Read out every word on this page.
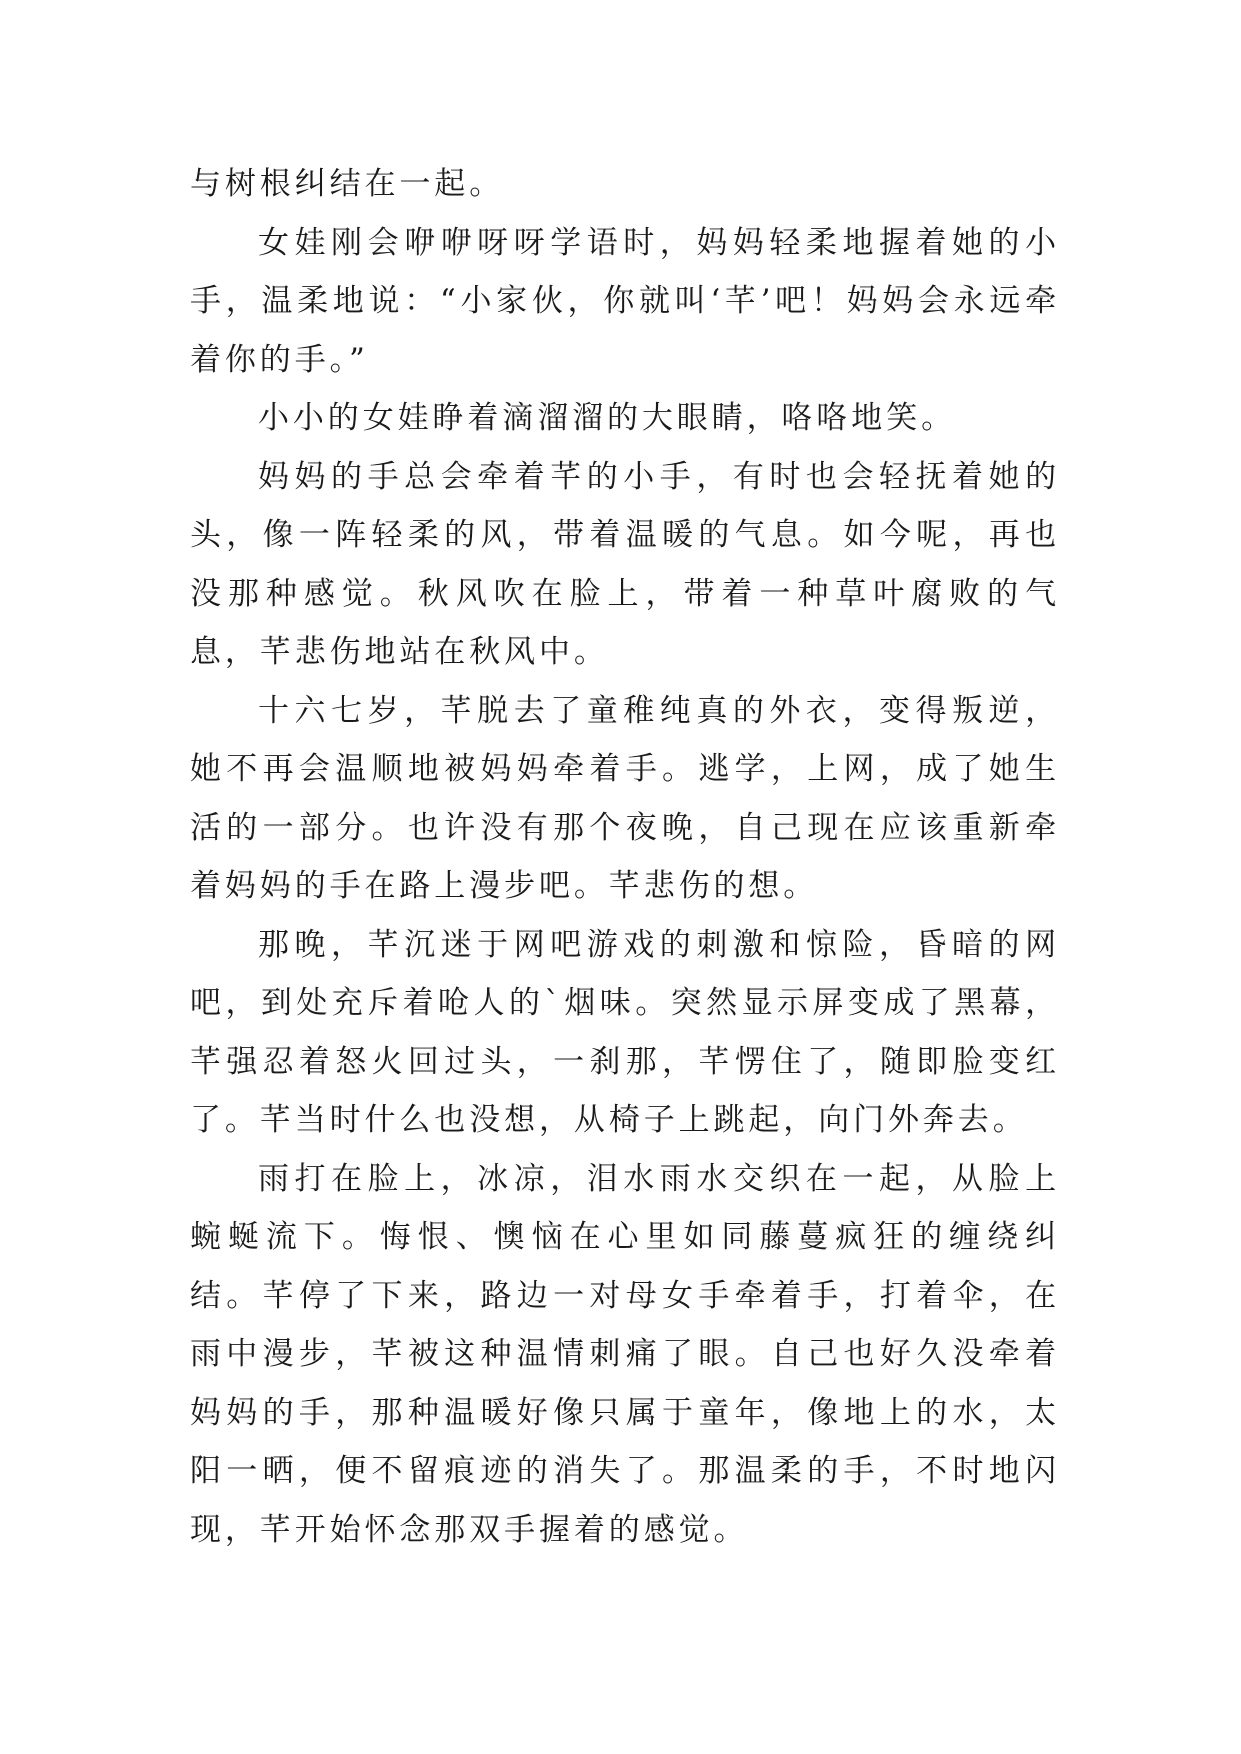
与树根纠结在一起。

女娃刚会咿咿呀呀学语时，妈妈轻柔地握着她的小手，温柔地说：“小家伙，你就叫‘芊’吧！妈妈会永远牵着你的手。”

小小的女娃睁着滴溜溜的大眼睛，咯咯地笑。

妈妈的手总会牵着芊的小手，有时也会轻抚着她的头，像一阵轻柔的风，带着温暖的气息。如今呢，再也没那种感觉。秋风吹在脸上，带着一种草叶腐败的气息，芊悲伤地站在秋风中。

十六七岁，芊脱去了童稚纯真的外衣，变得叛逆，她不再会温顺地被妈妈牵着手。逃学，上网，成了她生活的一部分。也许没有那个夜晚，自己现在应该重新牵着妈妈的手在路上漫步吧。芊悲伤的想。

那晚，芊沉迷于网吧游戏的刺激和惊险，昏暗的网吧，到处充斥着呛人的`烟味。突然显示屏变成了黑幕，芊强忍着怒火回过头，一刹那，芊愣住了，随即脸变红了。芊当时什么也没想，从椅子上跳起，向门外奔去。

雨打在脸上，冰凉，泪水雨水交织在一起，从脸上蜿蜒流下。悔恨、懊恼在心里如同藤蔓疯狂的缠绕纠结。芊停了下来，路边一对母女手牵着手，打着伞，在雨中漫步，芊被这种温情刺痛了眼。自己也好久没牵着妈妈的手，那种温暖好像只属于童年，像地上的水，太阳一晒，便不留痕迹的消失了。那温柔的手，不时地闪现，芊开始怀念那双手握着的感觉。
